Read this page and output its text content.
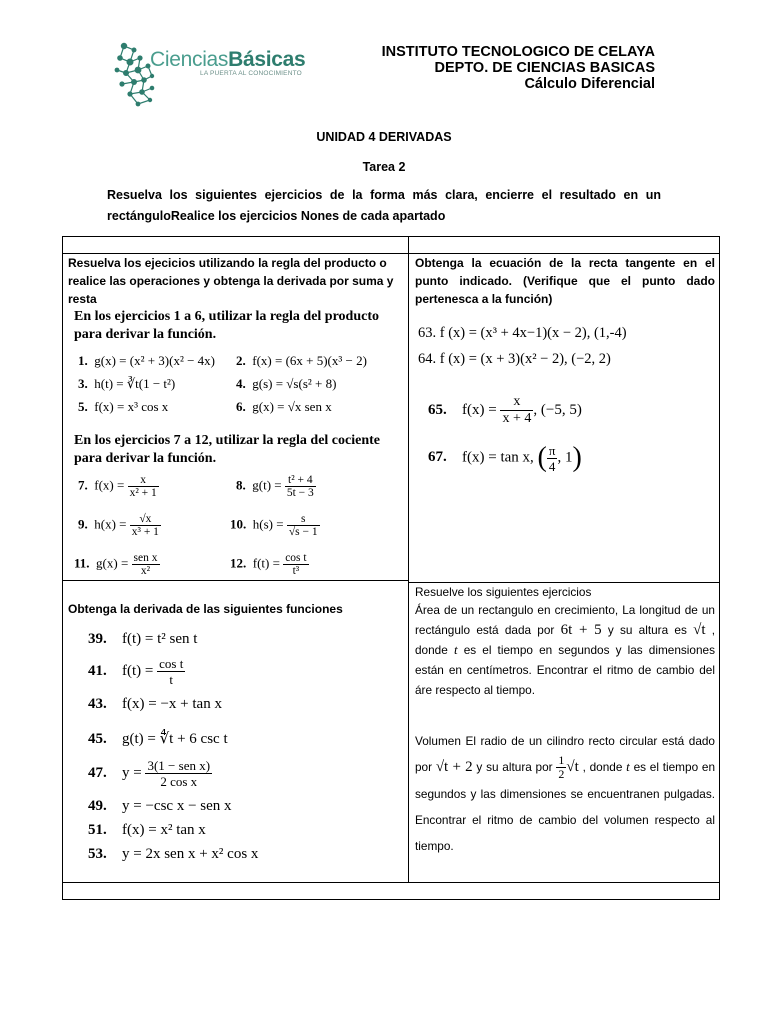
CienciasBásicas
LA PUERTA AL CONOCIMIENTO
INSTITUTO TECNOLOGICO DE CELAYA
DEPTO. DE CIENCIAS BASICAS
Cálculo Diferencial
UNIDAD 4 DERIVADAS
Tarea 2
Resuelva los siguientes ejercicios de la forma más clara, encierre el resultado en un rectánguloRealice los ejercicios Nones de cada apartado
Resuelva los ejecicios utilizando la regla del producto o realice las operaciones y obtenga la derivada por suma y resta
En los ejercicios 1 a 6, utilizar la regla del producto para derivar la función.
1. g(x) = (x² + 3)(x² − 4x) 2. f(x) = (6x + 5)(x³ − 2)
3. h(t) = ∛t(1 − t²)	4. g(s) = √s(s² + 8)
5. f(x) = x³ cos x	6. g(x) = √x sen x
En los ejercicios 7 a 12, utilizar la regla del cociente para derivar la función.
7. $f(x) = \frac{x}{\text{x² + 1}}$	8. $g(t) = \frac{\text{t² + 4}}{5t - 3}$
9. $h(x) = \frac{√x}{\text{x³ + 1}}$	10. $h(s) = \frac{s}{√s - 1}$
11. $g(x) = \frac{\text{sen x}}{\text{x²}}$	12. $f(t) = \frac{\text{cos t}}{\text{t³}}$
Obtenga la ecuación de la recta tangente en el punto indicado. (Verifique que el punto dado pertenesca a la función)
63. f (x) = (x³ + 4x−1)(x − 2), (1,-4)
64. f (x) = (x + 3)(x² − 2), (−2, 2)
65. $f(x) = \frac{x}{x + 4}$ , (−5, 5)
67. f(x) = tan x, ( $\frac{\pi}{4}$ , 1)
Obtenga la derivada de las siguientes funciones
39. f(t) = t² sen t
41. $f(t) = \frac{\text{cos t}}{t}$
43. f(x) = −x + tan x
45. g(t) = ∜t + 6 csc t
47. $y = \frac{\text{3(1 − sen x)}}{\text{2 cos x}}$
49. y = −csc x − sen x
51. f(x) = x² tan x
53. y = 2x sen x + x² cos x
Resuelve los siguientes ejercicios
Área de un rectangulo en crecimiento, La longitud de un rectángulo está dada por 6t + 5 y su altura es √t , donde t es el tiempo en segundos y las dimensiones están en centímetros. Encontrar el ritmo de cambio del áre respecto al tiempo.
Volumen El radio de un cilindro recto circular está dado por √t + 2 y su altura por $\frac{1}{2} √t$ , donde t es el tiempo en segundos y las dimensiones se encuentranen pulgadas. Encontrar el ritmo de cambio del volumen respecto al tiempo.
